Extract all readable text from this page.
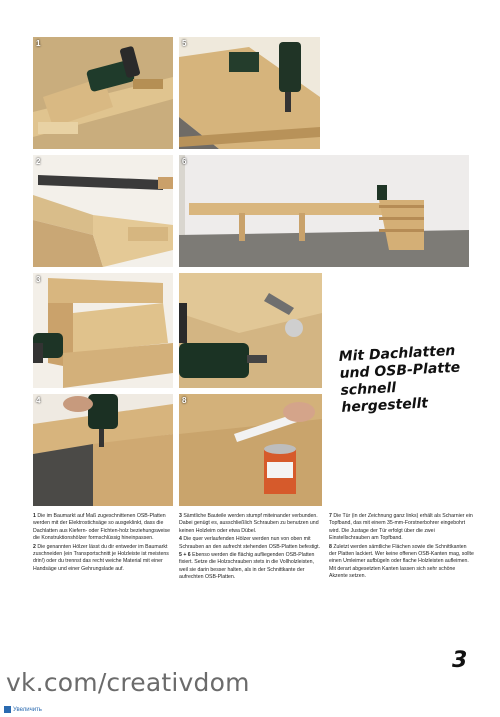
1	5
2	6
3
4	8
Mit Dachlatten
und OSB-Platte
schnell
hergestellt

1 Die im Baumarkt auf Maß zugeschnittenen OSB-Platten werden mit der Elektrostichsäge so ausgeklinkt, dass die Dachlatten aus Kiefern- oder Fichten-holz beziehungsweise die Konstruktionshölzer formschlüssig hineinpassen.

2 Die genannten Hölzer lässt du dir entweder im Baumarkt zuschneiden (ein Transportschnitt je Holzleiste ist meistens drin!) oder du trennst das recht weiche Material mit einer Handsäge und einer Gehrungslade auf.

3 Sämtliche Bauteile werden stumpf miteinander verbunden. Dabei genügt es, ausschließlich Schrauben zu benutzen und keinen Holzleim oder etwa Dübel.

4 Die quer verlaufenden Hölzer werden nun von oben mit Schrauben an den aufrecht stehenden OSB-Platten befestigt.

5 + 6 Ebenso werden die flächig aufliegenden OSB-Platten fixiert. Setze die Holzschrauben stets in die Vollholzleisten, weil sie darin besser halten, als in der Schnittkante der aufrechten OSB-Platten.

7 Die Tür (in der Zeichnung ganz links) erhält als Scharnier ein Topfband, das mit einem 35-mm-Forstnerbohrer eingebohrt wird. Die Justage der Tür erfolgt über die zwei Einstellschrauben am Topfband.

8 Zuletzt werden sämtliche Flächen sowie die Schnittkanten der Platten lackiert. Wer keine offenen OSB-Kanten mag, sollte einen Umleimer aufbügeln oder flache Holzleisten aufleimen. Mit derart abgesetzten Kanten lassen sich sehr schöne Akzente setzen.

3
vk.com/creativdom
Увеличить
